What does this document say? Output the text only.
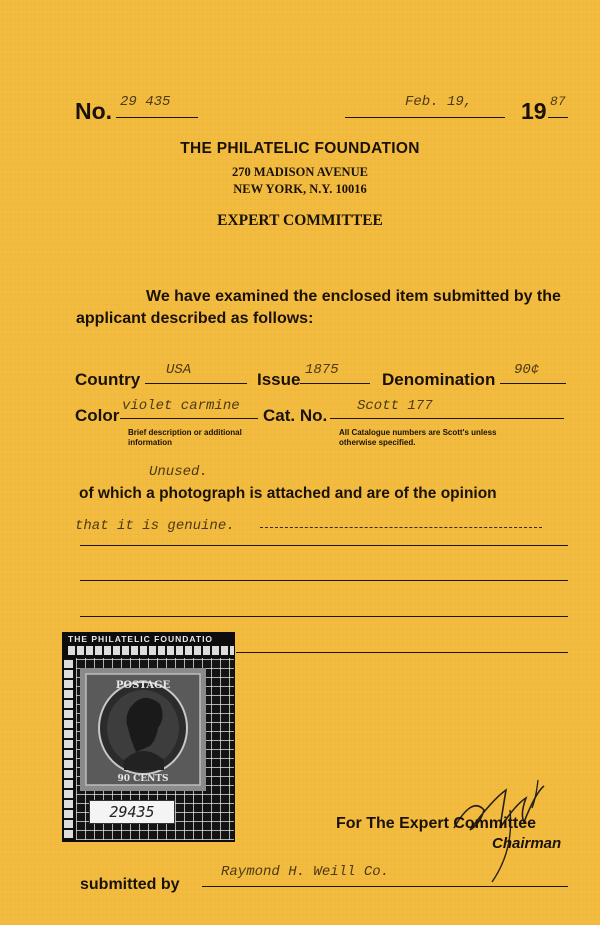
No. 29 435	Feb. 19, 19 87
THE PHILATELIC FOUNDATION
270 MADISON AVENUE
NEW YORK, N.Y. 10016
EXPERT COMMITTEE
We have examined the enclosed item submitted by the
applicant described as follows:
Country USA	Issue 1875	Denomination 90¢
Color violet carmine Cat. No. Scott 177
Brief description or additional
information
All Catalogue numbers are Scott's unless
otherwise specified.
Unused.
of which a photograph is attached and are of the opinion
that it is genuine.
THE PHILATELIC FOUNDATIO
POSTAGE
90 CENTS
29435
For The Expert Committee
Chairman
submitted by
Raymond H. Weill Co.
